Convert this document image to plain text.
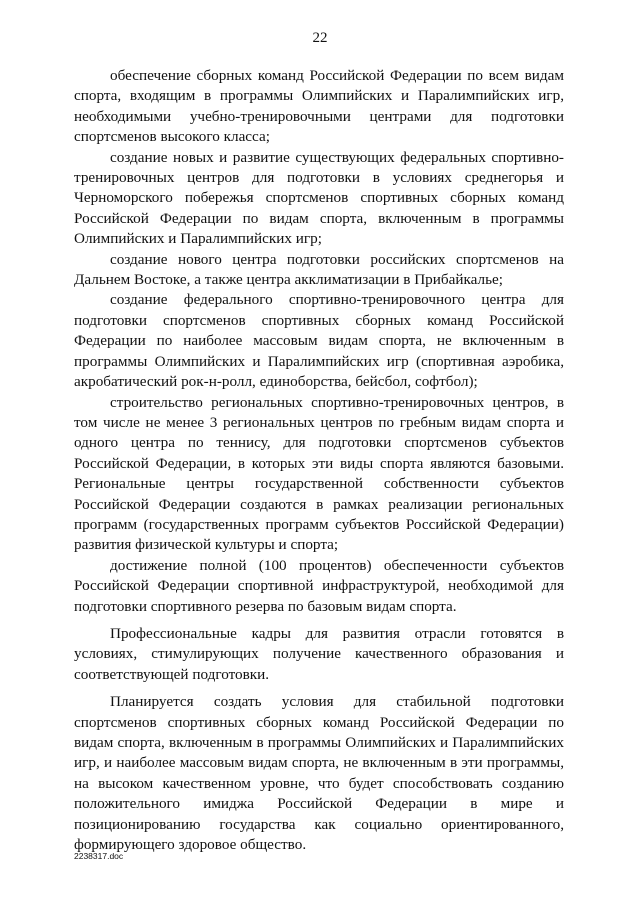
22

обеспечение сборных команд Российской Федерации по всем видам спорта, входящим в программы Олимпийских и Паралимпийских игр, необходимыми учебно-тренировочными центрами для подготовки спортсменов высокого класса;

создание новых и развитие существующих федеральных спортивно-тренировочных центров для подготовки в условиях среднегорья и Черноморского побережья спортсменов спортивных сборных команд Российской Федерации по видам спорта, включенным в программы Олимпийских и Паралимпийских игр;

создание нового центра подготовки российских спортсменов на Дальнем Востоке, а также центра акклиматизации в Прибайкалье;

создание федерального спортивно-тренировочного центра для подготовки спортсменов спортивных сборных команд Российской Федерации по наиболее массовым видам спорта, не включенным в программы Олимпийских и Паралимпийских игр (спортивная аэробика, акробатический рок-н-ролл, единоборства, бейсбол, софтбол);

строительство региональных спортивно-тренировочных центров, в том числе не менее 3 региональных центров по гребным видам спорта и одного центра по теннису, для подготовки спортсменов субъектов Российской Федерации, в которых эти виды спорта являются базовыми. Региональные центры государственной собственности субъектов Российской Федерации создаются в рамках реализации региональных программ (государственных программ субъектов Российской Федерации) развития физической культуры и спорта;

достижение полной (100 процентов) обеспеченности субъектов Российской Федерации спортивной инфраструктурой, необходимой для подготовки спортивного резерва по базовым видам спорта.

Профессиональные кадры для развития отрасли готовятся в условиях, стимулирующих получение качественного образования и соответствующей подготовки.

Планируется создать условия для стабильной подготовки спортсменов спортивных сборных команд Российской Федерации по видам спорта, включенным в программы Олимпийских и Паралимпийских игр, и наиболее массовым видам спорта, не включенным в эти программы, на высоком качественном уровне, что будет способствовать созданию положительного имиджа Российской Федерации в мире и позиционированию государства как социально ориентированного, формирующего здоровое общество.

2238317.doc
